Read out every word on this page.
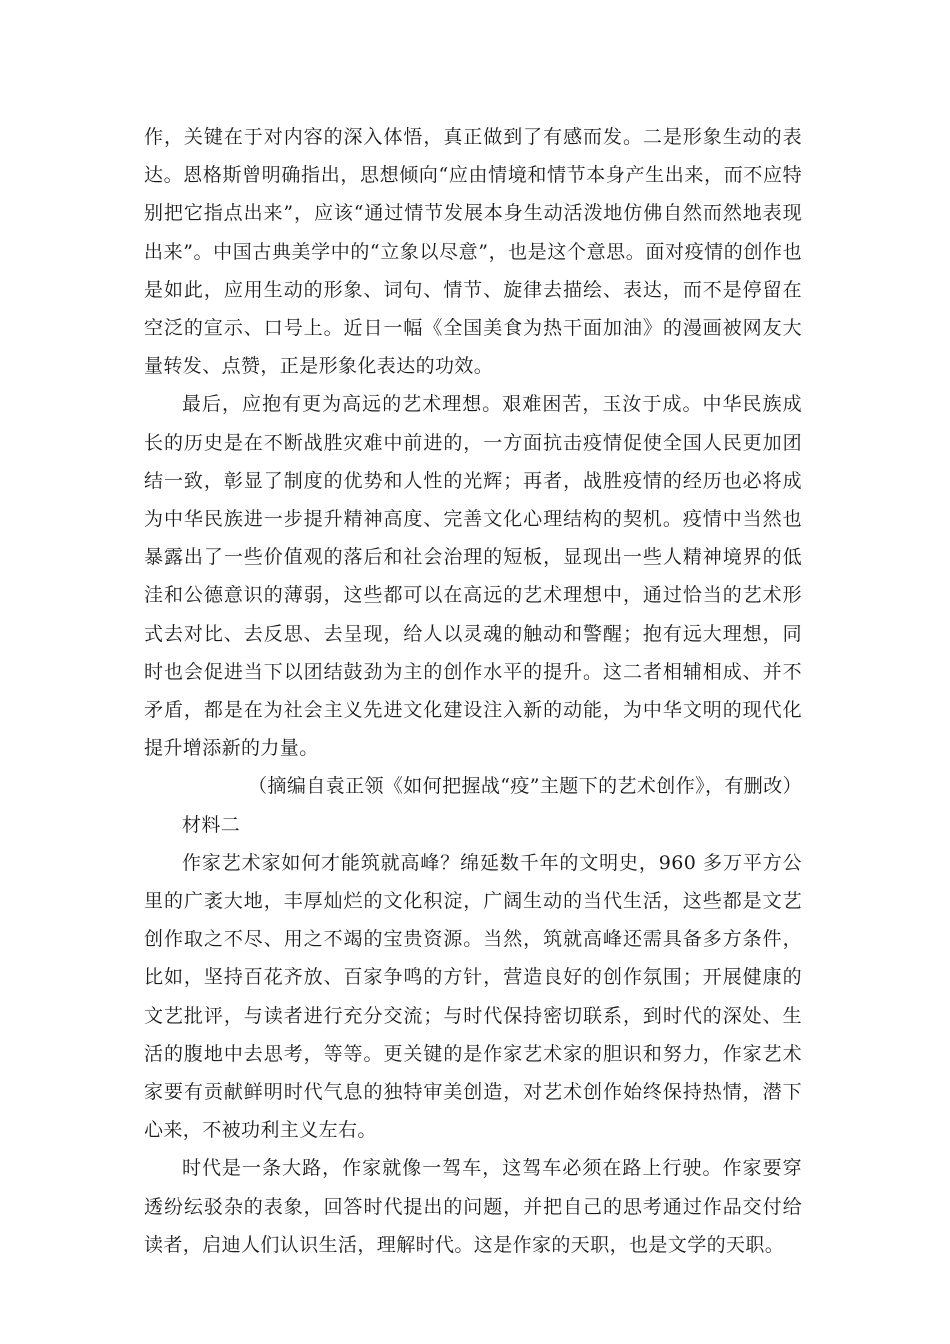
作，关键在于对内容的深入体悟，真正做到了有感而发。二是形象生动的表达。恩格斯曾明确指出，思想倾向“应由情境和情节本身产生出来，而不应特别把它指点出来”，应该“通过情节发展本身生动活泼地仿佛自然而然地表现出来”。中国古典美学中的“立象以尽意”，也是这个意思。面对疫情的创作也是如此，应用生动的形象、词句、情节、旋律去描绘、表达，而不是停留在空泛的宣示、口号上。近日一幅《全国美食为热干面加油》的漫画被网友大量转发、点赞，正是形象化表达的功效。

最后，应抱有更为高远的艺术理想。艰难困苦，玉汝于成。中华民族成长的历史是在不断战胜灾难中前进的，一方面抗击疫情促使全国人民更加团结一致，彰显了制度的优势和人性的光辉；再者，战胜疫情的经历也必将成为中华民族进一步提升精神高度、完善文化心理结构的契机。疫情中当然也暴露出了一些价值观的落后和社会治理的短板，显现出一些人精神境界的低洼和公德意识的薄弱，这些都可以在高远的艺术理想中，通过恰当的艺术形式去对比、去反思、去呈现，给人以灵魂的触动和警醒；抱有远大理想，同时也会促进当下以团结鼓劲为主的创作水平的提升。这二者相辅相成、并不矛盾，都是在为社会主义先进文化建设注入新的动能，为中华文明的现代化提升增添新的力量。

（摘编自袁正领《如何把握战“疫”主题下的艺术创作》，有删改）

材料二

作家艺术家如何才能筑就高峰？绵延数千年的文明史，960 多万平方公里的广袤大地，丰厚灿烂的文化积淀，广阔生动的当代生活，这些都是文艺创作取之不尽、用之不竭的宝贵资源。当然，筑就高峰还需具备多方条件，比如，坚持百花齐放、百家争鸣的方针，营造良好的创作氛围；开展健康的文艺批评，与读者进行充分交流；与时代保持密切联系，到时代的深处、生活的腹地中去思考，等等。更关键的是作家艺术家的胆识和努力，作家艺术家要有贡献鲜明时代气息的独特审美创造，对艺术创作始终保持热情，潜下心来，不被功利主义左右。

时代是一条大路，作家就像一驾车，这驾车必须在路上行驶。作家要穿透纷纭驳杂的表象，回答时代提出的问题，并把自己的思考通过作品交付给读者，启迪人们认识生活，理解时代。这是作家的天职，也是文学的天职。
